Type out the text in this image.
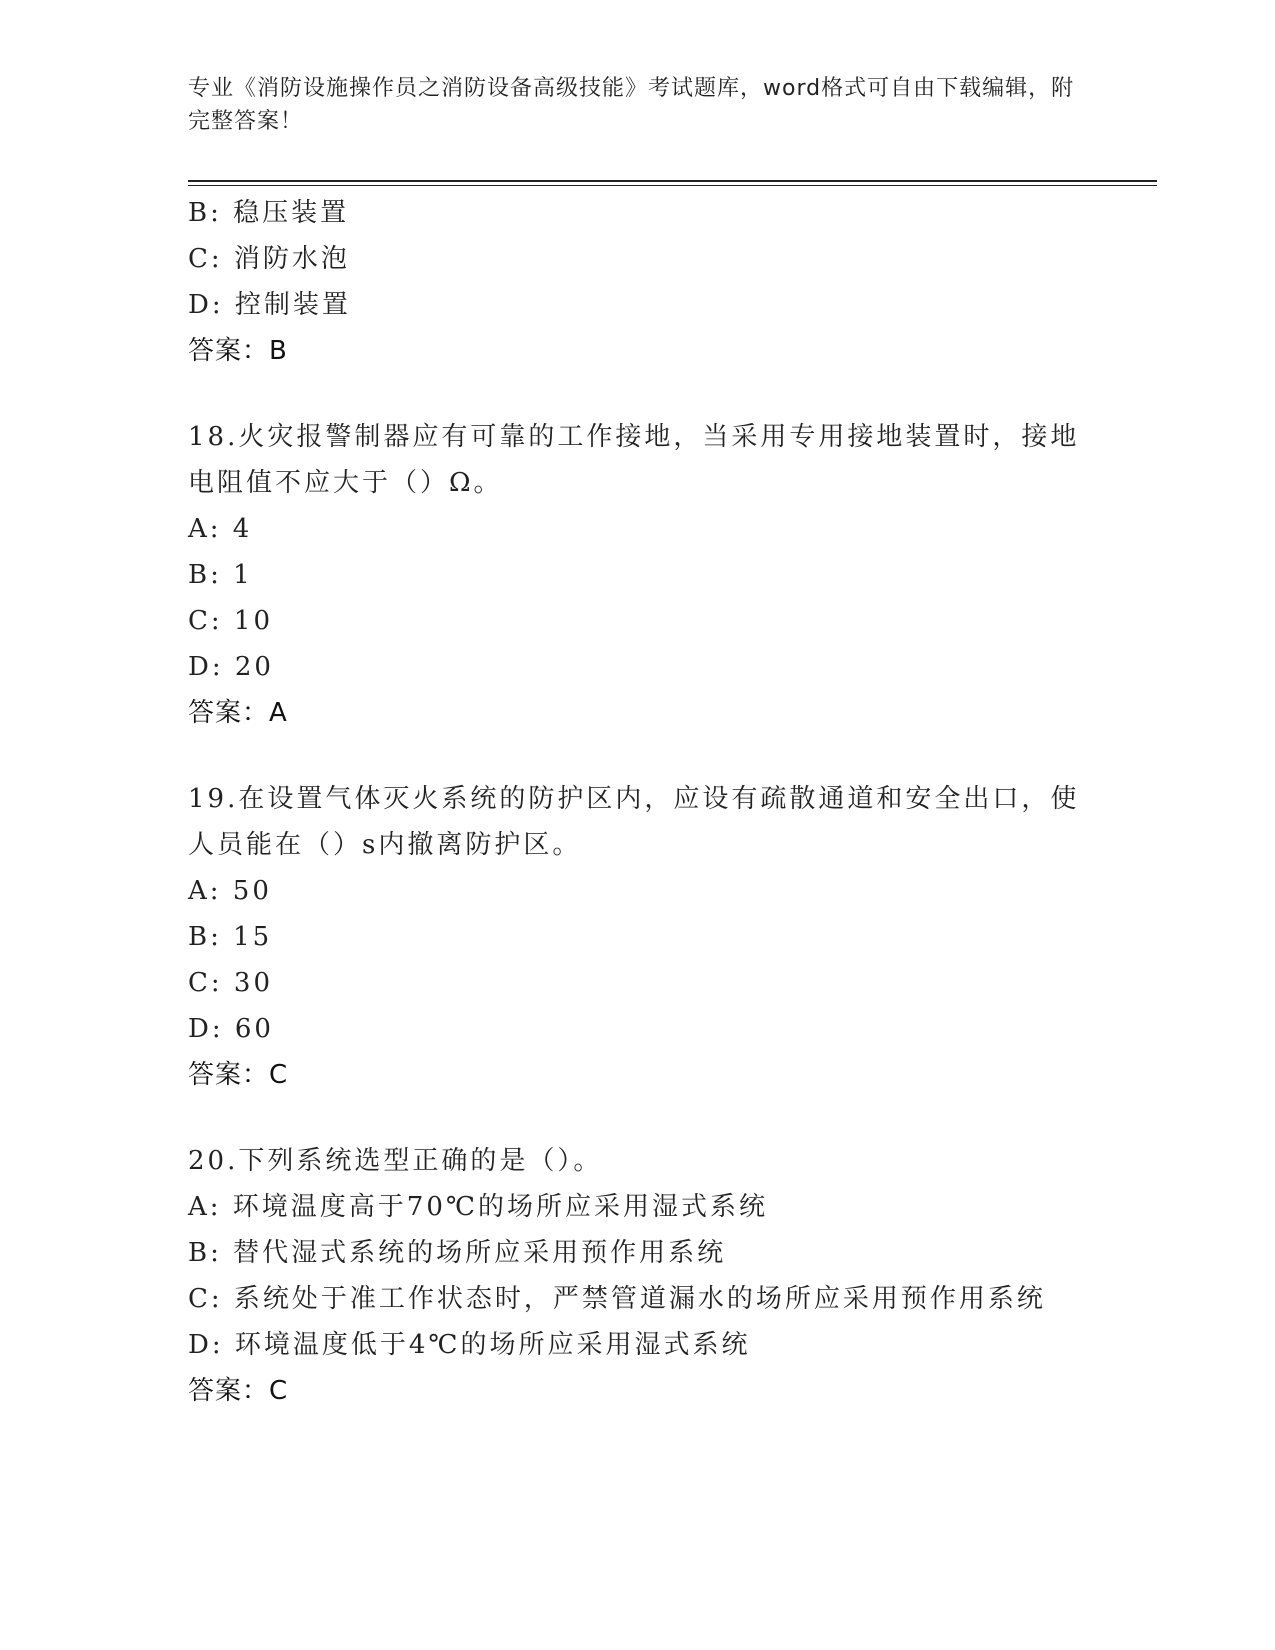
专业《消防设施操作员之消防设备高级技能》考试题库，word格式可自由下载编辑，附完整答案！
B: 稳压装置
C: 消防水泡
D: 控制装置
答案：B
18.火灾报警制器应有可靠的工作接地，当采用专用接地装置时，接地电阻值不应大于（）Ω。
A: 4
B: 1
C: 10
D: 20
答案：A
19.在设置气体灭火系统的防护区内，应设有疏散通道和安全出口，使人员能在（）s内撤离防护区。
A: 50
B: 15
C: 30
D: 60
答案：C
20.下列系统选型正确的是（）。
A: 环境温度高于70℃的场所应采用湿式系统
B: 替代湿式系统的场所应采用预作用系统
C: 系统处于准工作状态时，严禁管道漏水的场所应采用预作用系统
D: 环境温度低于4℃的场所应采用湿式系统
答案：C
